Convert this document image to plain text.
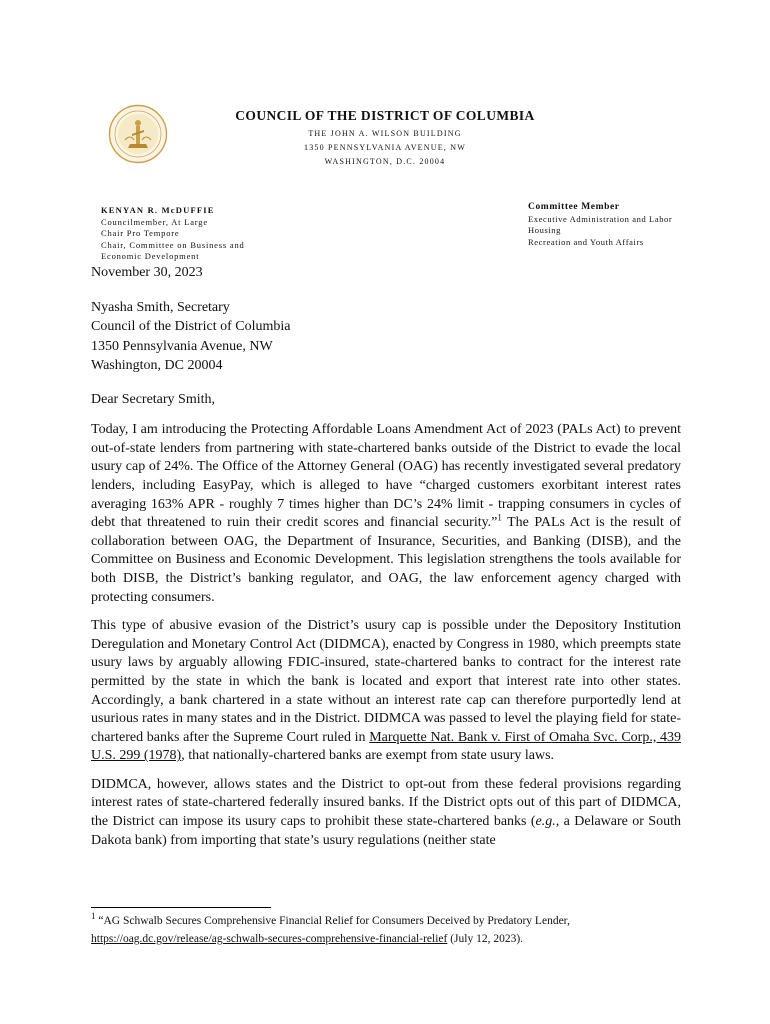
COUNCIL OF THE DISTRICT OF COLUMBIA
THE JOHN A. WILSON BUILDING
1350 PENNSYLVANIA AVENUE, NW
WASHINGTON, D.C. 20004
KENYAN R. McDUFFIE
Councilmember, At Large
Chair Pro Tempore
Chair, Committee on Business and
Economic Development
Committee Member
Executive Administration and Labor
Housing
Recreation and Youth Affairs
November 30, 2023
Nyasha Smith, Secretary
Council of the District of Columbia
1350 Pennsylvania Avenue, NW
Washington, DC 20004
Dear Secretary Smith,

Today, I am introducing the Protecting Affordable Loans Amendment Act of 2023 (PALs Act) to prevent out-of-state lenders from partnering with state-chartered banks outside of the District to evade the local usury cap of 24%. The Office of the Attorney General (OAG) has recently investigated several predatory lenders, including EasyPay, which is alleged to have “charged customers exorbitant interest rates averaging 163% APR - roughly 7 times higher than DC’s 24% limit - trapping consumers in cycles of debt that threatened to ruin their credit scores and financial security.”$^1$ The PALs Act is the result of collaboration between OAG, the Department of Insurance, Securities, and Banking (DISB), and the Committee on Business and Economic Development. This legislation strengthens the tools available for both DISB, the District’s banking regulator, and OAG, the law enforcement agency charged with protecting consumers.

This type of abusive evasion of the District’s usury cap is possible under the Depository Institution Deregulation and Monetary Control Act (DIDMCA), enacted by Congress in 1980, which preempts state usury laws by arguably allowing FDIC-insured, state-chartered banks to contract for the interest rate permitted by the state in which the bank is located and export that interest rate into other states. Accordingly, a bank chartered in a state without an interest rate cap can therefore purportedly lend at usurious rates in many states and in the District. DIDMCA was passed to level the playing field for state-chartered banks after the Supreme Court ruled in Marquette Nat. Bank v. First of Omaha Svc. Corp., 439 U.S. 299 (1978), that nationally-chartered banks are exempt from state usury laws.

DIDMCA, however, allows states and the District to opt-out from these federal provisions regarding interest rates of state-chartered federally insured banks. If the District opts out of this part of DIDMCA, the District can impose its usury caps to prohibit these state-chartered banks (e.g., a Delaware or South Dakota bank) from importing that state’s usury regulations (neither state

$^1$ “AG Schwalb Secures Comprehensive Financial Relief for Consumers Deceived by Predatory Lender,
https://oag.dc.gov/release/ag-schwalb-secures-comprehensive-financial-relief (July 12, 2023).
